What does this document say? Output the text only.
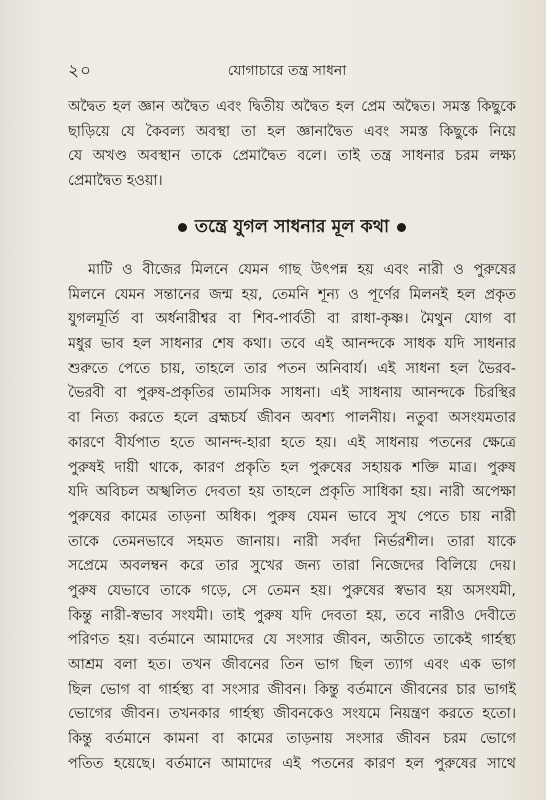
২০	যোগাচারে তন্ত্র সাধনা
অদ্বৈত হল জ্ঞান অদ্বৈত এবং দ্বিতীয় অদ্বৈত হল প্রেম অদ্বৈত। সমস্ত কিছুকে
ছাড়িয়ে যে কৈবল্য অবস্থা তা হল জ্ঞানাদ্বৈত এবং সমস্ত কিছুকে নিয়ে
যে অখণ্ড অবস্থান তাকে প্রেমাদ্বৈত বলে। তাই তন্ত্র সাধনার চরম লক্ষ্য
প্রেমাদ্বৈত হওয়া।
তন্ত্রে যুগল সাধনার মূল কথা
মাটি ও বীজের মিলনে যেমন গাছ উৎপন্ন হয় এবং নারী ও পুরুষের
মিলনে যেমন সন্তানের জন্ম হয়, তেমনি শূন্য ও পূর্ণের মিলনই হল প্রকৃত
যুগলমূর্তি বা অর্ধনারীশ্বর বা শিব-পার্বতী বা রাধা-কৃষ্ণ। মৈথুন যোগ বা
মধুর ভাব হল সাধনার শেষ কথা। তবে এই আনন্দকে সাধক যদি সাধনার
শুরুতে পেতে চায়, তাহলে তার পতন অনিবার্য। এই সাধনা হল ভৈরব-
ভৈরবী বা পুরুষ-প্রকৃতির তামসিক সাধনা। এই সাধনায় আনন্দকে চিরস্থির
বা নিত্য করতে হলে ব্রহ্মচর্য জীবন অবশ্য পালনীয়। নতুবা অসংযমতার
কারণে বীর্যপাত হতে আনন্দ-হারা হতে হয়। এই সাধনায় পতনের ক্ষেত্রে
পুরুষই দায়ী থাকে, কারণ প্রকৃতি হল পুরুষের সহায়ক শক্তি মাত্র। পুরুষ
যদি অবিচল অস্খলিত দেবতা হয় তাহলে প্রকৃতি সাধিকা হয়। নারী অপেক্ষা
পুরুষের কামের তাড়না অধিক। পুরুষ যেমন ভাবে সুখ পেতে চায় নারী
তাকে তেমনভাবে সহমত জানায়। নারী সর্বদা নির্ভরশীল। তারা যাকে
সপ্রেমে অবলম্বন করে তার সুখের জন্য তারা নিজেদের বিলিয়ে দেয়।
পুরুষ যেভাবে তাকে গড়ে, সে তেমন হয়। পুরুষের স্বভাব হয় অসংযমী,
কিন্তু নারী-স্বভাব সংযমী। তাই পুরুষ যদি দেবতা হয়, তবে নারীও দেবীতে
পরিণত হয়। বর্তমানে আমাদের যে সংসার জীবন, অতীতে তাকেই গার্হস্থ্য
আশ্রম বলা হত। তখন জীবনের তিন ভাগ ছিল ত্যাগ এবং এক ভাগ
ছিল ভোগ বা গার্হস্থ্য বা সংসার জীবন। কিন্তু বর্তমানে জীবনের চার ভাগই
ভোগের জীবন। তখনকার গার্হস্থ্য জীবনকেও সংযমে নিয়ন্ত্রণ করতে হতো।
কিন্তু বর্তমানে কামনা বা কামের তাড়নায় সংসার জীবন চরম ভোগে
পতিত হয়েছে। বর্তমানে আমাদের এই পতনের কারণ হল পুরুষের সাথে
